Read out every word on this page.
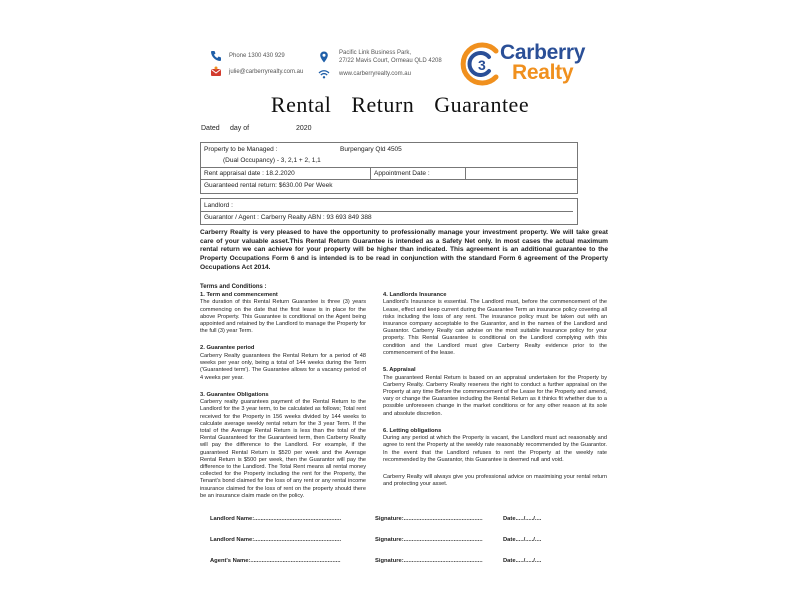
Phone 1300 430 929
julie@carberryrealty.com.au
Pacific Link Business Park,
27/22 Mavis Court, Ormeau QLD 4208
www.carberryrealty.com.au
3
Carberry
Realty
Rental Return Guarantee
Dated day of	2020
Property to be Managed :	Burpengary Qld 4505
(Dual Occupancy) - 3, 2,1 + 2, 1,1
Rent appraisal date : 18.2.2020	Appointment Date :
Guaranteed rental return: $630.00 Per Week
Landlord :
Guarantor / Agent : Carberry Realty ABN : 93 693 849 388
Carberry Realty is very pleased to have the opportunity to professionally manage your investment property. We will take great care of your valuable asset.This Rental Return Guarantee is intended as a Safety Net only. In most cases the actual maximum rental return we can achieve for your property will be higher than indicated. This agreement is an additional guarantee to the Property Occupations Form 6 and is intended is to be read in conjunction with the standard Form 6 agreement of the Property Occupations Act 2014.
Terms and Conditions :
1. Term and commencement

The duration of this Rental Return Guarantee is three (3) years commencing on the date that the first lease is in place for the above Property. This Guarantee is conditional on the Agent being appointed and retained by the Landlord to manage the Property for the full (3) year Term.

2. Guarantee period

Carberry Realty guarantees the Rental Return for a period of 48 weeks per year only, being a total of 144 weeks during the Term ('Guaranteed term'). The Guarantee allows for a vacancy period of 4 weeks per year.

3. Guarantee Obligations

Carberry realty guarantees payment of the Rental Return to the Landlord for the 3 year term, to be calculated as follows; Total rent received for the Property in 156 weeks divided by 144 weeks to calculate average weekly rental return for the 3 year Term. If the total of the Average Rental Return is less than the total of the Rental Guaranteed for the Guaranteed term, then Carberry Realty will pay the difference to the Landlord. For example, if the guaranteed Rental Return is $520 per week and the Average Rental Return is $500 per week, then the Guarantor will pay the difference to the Landlord. The Total Rent means all rental money collected for the Property including the rent for the Property, the Tenant's bond claimed for the loss of any rent or any rental income insurance claimed for the loss of rent on the property should there be an insurance claim made on the policy.

4. Landlords Insurance

Landlord's Insurance is essential. The Landlord must, before the commencement of the Lease, effect and keep current during the Guarantee Term an insurance policy covering all risks including the loss of any rent. The insurance policy must be taken out with an insurance company acceptable to the Guarantor, and in the names of the Landlord and Guarantor. Carberry Realty can advise on the most suitable Insurance policy for your property. This Rental Guarantee is conditional on the Landlord complying with this condition and the Landlord must give Carberry Realty evidence prior to the commencement of the lease.

5. Appraisal

The guaranteed Rental Return is based on an appraisal undertaken for the Property by Carberry Realty. Carberry Realty reserves the right to conduct a further appraisal on the Property at any time Before the commencement of the Lease for the Property and amend, vary or change the Guarantee including the Rental Return as it thinks fit whether due to a possible unforeseen change in the market conditions or for any other reason at its sole and absolute discretion.

6. Letting obligations

During any period at which the Property is vacant, the Landlord must act reasonably and agree to rent the Property at the weekly rate reasonably recommended by the Guarantor. In the event that the Landlord refuses to rent the Property at the weekly rate recommended by the Guarantor, this Guarantee is deemed null and void.

Carberry Realty will always give you professional advice on maximising your rental return and protecting your asset.

Landlord Name:......................................................	Signature:.................................................	Date...../...../....
Landlord Name:......................................................	Signature:.................................................	Date...../...../....
Agent's Name:........................................................	Signature:.................................................	Date...../...../....
